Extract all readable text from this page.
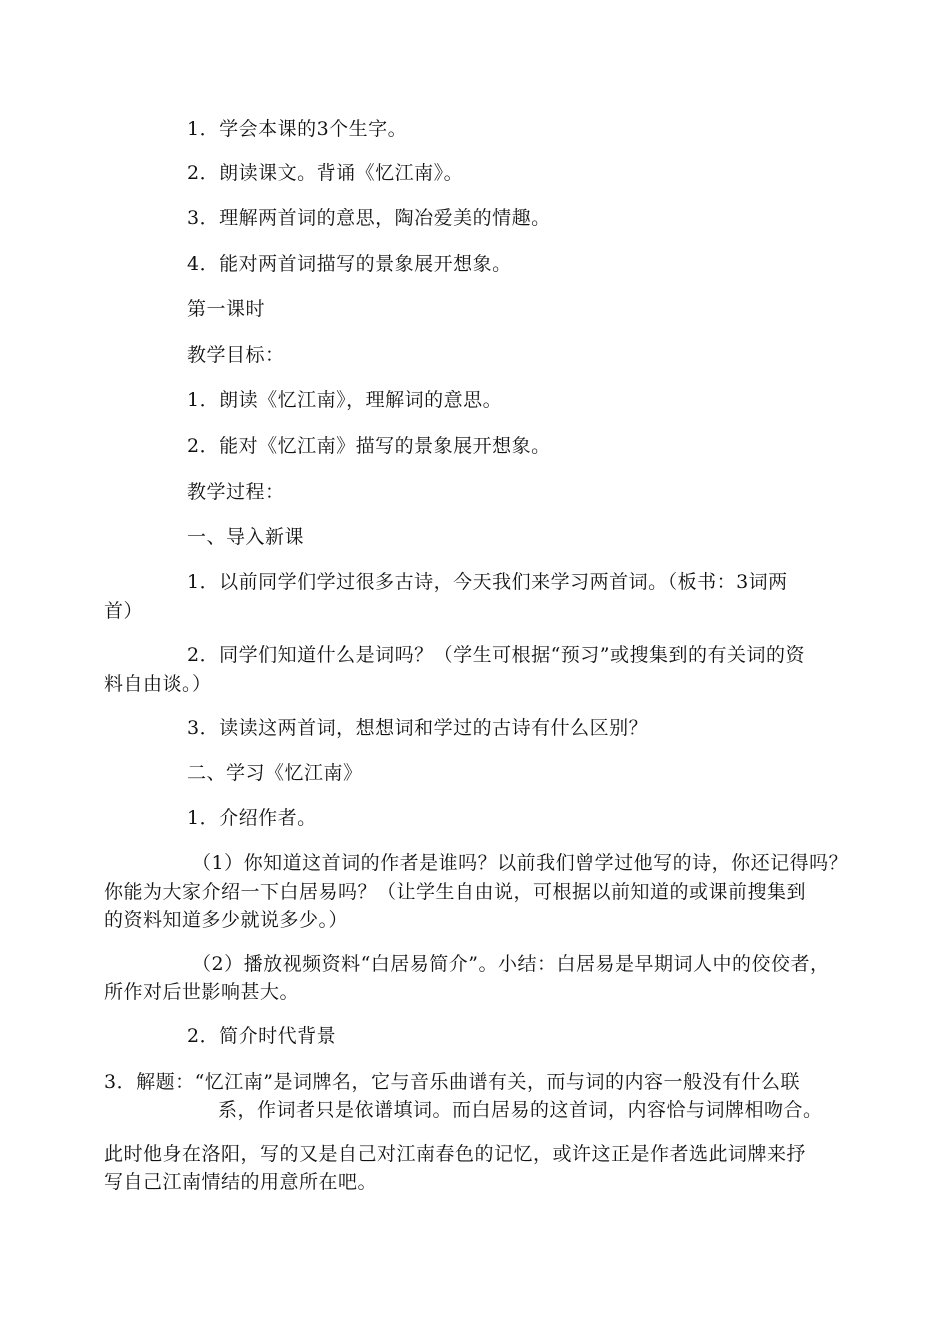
1．学会本课的3个生字。
2．朗读课文。背诵《忆江南》。
3．理解两首词的意思，陶冶爱美的情趣。
4．能对两首词描写的景象展开想象。
第一课时
教学目标：
1．朗读《忆江南》，理解词的意思。
2．能对《忆江南》描写的景象展开想象。
教学过程：
一、导入新课
1．以前同学们学过很多古诗，今天我们来学习两首词。（板书：3词两
首）
2．同学们知道什么是词吗？（学生可根据“预习”或搜集到的有关词的资
料自由谈。）
3．读读这两首词，想想词和学过的古诗有什么区别？
二、学习《忆江南》
1．介绍作者。
（1）你知道这首词的作者是谁吗？以前我们曾学过他写的诗，你还记得吗？
你能为大家介绍一下白居易吗？（让学生自由说，可根据以前知道的或课前搜集到
的资料知道多少就说多少。）
（2）播放视频资料“白居易简介”。小结：白居易是早期词人中的佼佼者，
所作对后世影响甚大。
2．简介时代背景
3．解题：“忆江南”是词牌名，它与音乐曲谱有关，而与词的内容一般没有什么联
系，作词者只是依谱填词。而白居易的这首词，内容恰与词牌相吻合。
此时他身在洛阳，写的又是自己对江南春色的记忆，或许这正是作者选此词牌来抒
写自己江南情结的用意所在吧。
